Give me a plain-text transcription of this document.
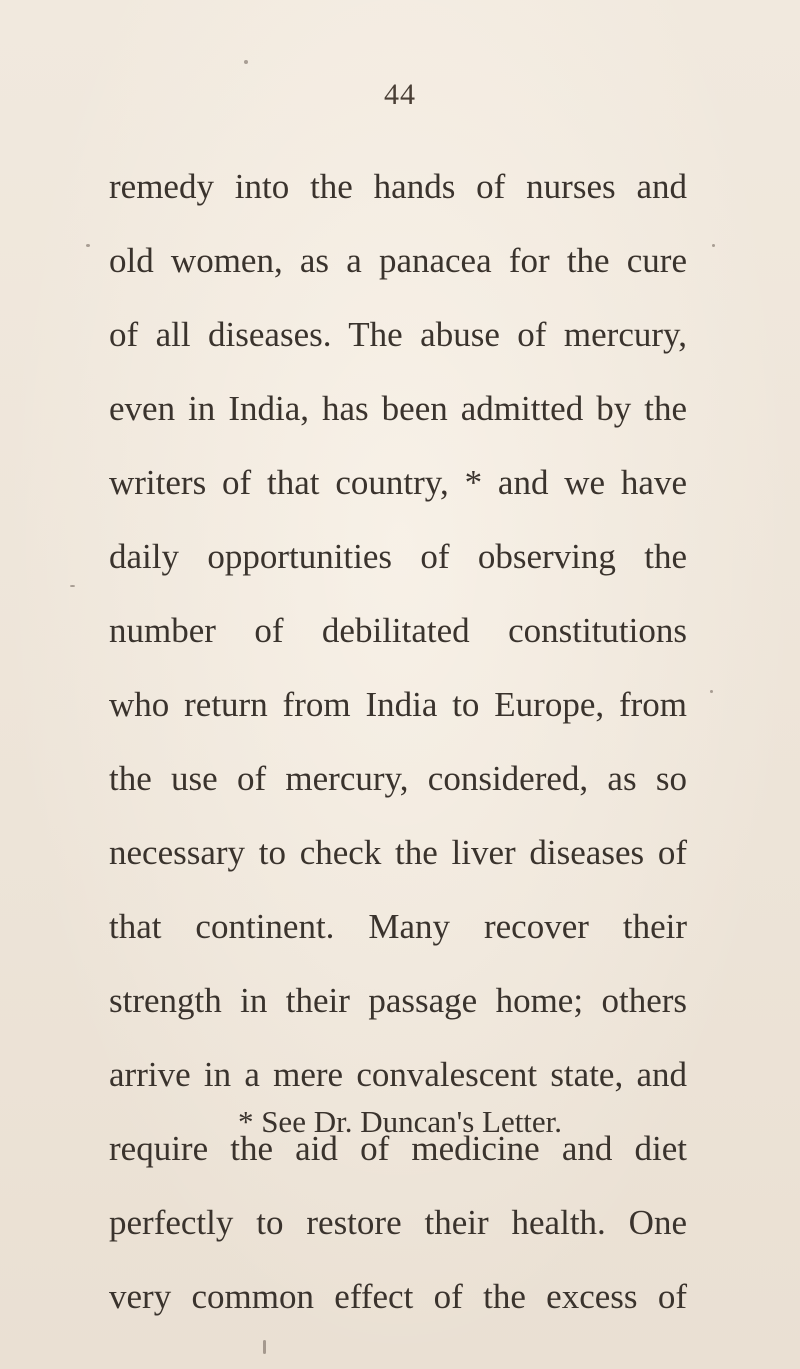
44
remedy into the hands of nurses and
old women, as a panacea for the cure
of all diseases. The abuse of mercury,
even in India, has been admitted by the
writers of that country, * and we have
daily opportunities of observing the
number of debilitated constitutions
who return from India to Europe, from
the use of mercury, considered, as so
necessary to check the liver diseases of
that continent. Many recover their
strength in their passage home; others
arrive in a mere convalescent state, and
require the aid of medicine and diet
perfectly to restore their health. One
very common effect of the excess of
* See Dr. Duncan's Letter.
